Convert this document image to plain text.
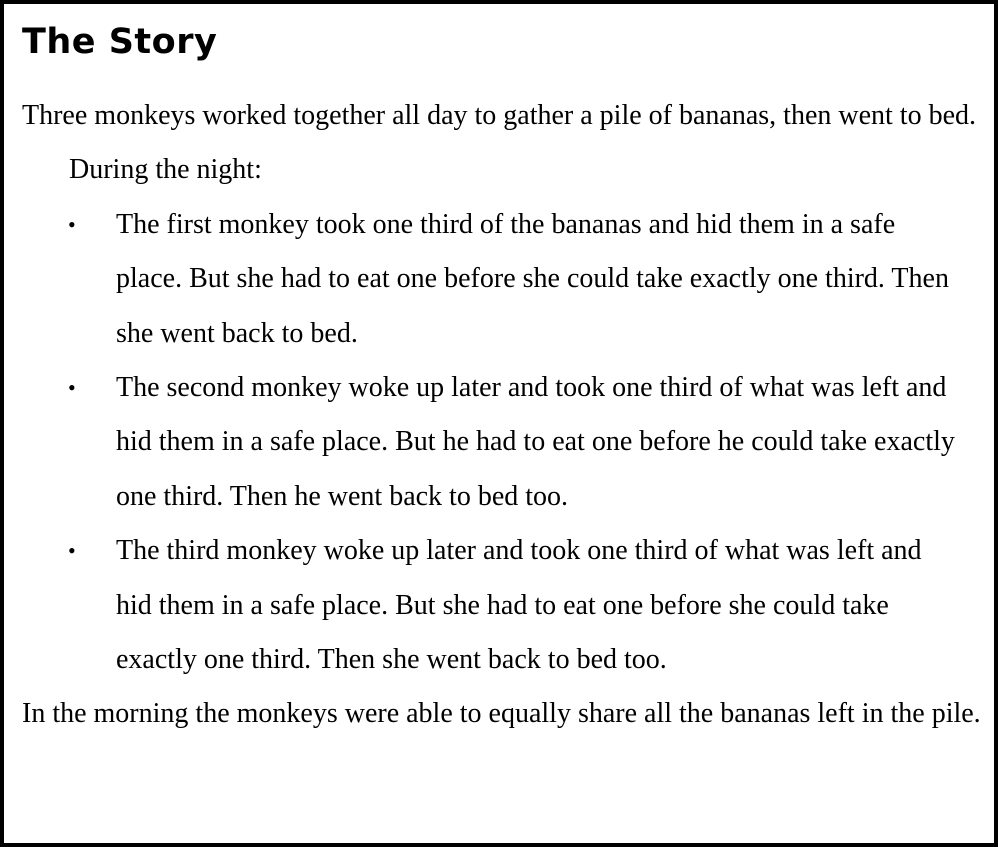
The Story

Three monkeys worked together all day to gather a pile of bananas, then went to bed.

During the night:

• The first monkey took one third of the bananas and hid them in a safe place. But she had to eat one before she could take exactly one third. Then she went back to bed.
• The second monkey woke up later and took one third of what was left and hid them in a safe place. But he had to eat one before he could take exactly one third. Then he went back to bed too.
• The third monkey woke up later and took one third of what was left and hid them in a safe place. But she had to eat one before she could take exactly one third. Then she went back to bed too.

In the morning the monkeys were able to equally share all the bananas left in the pile.
